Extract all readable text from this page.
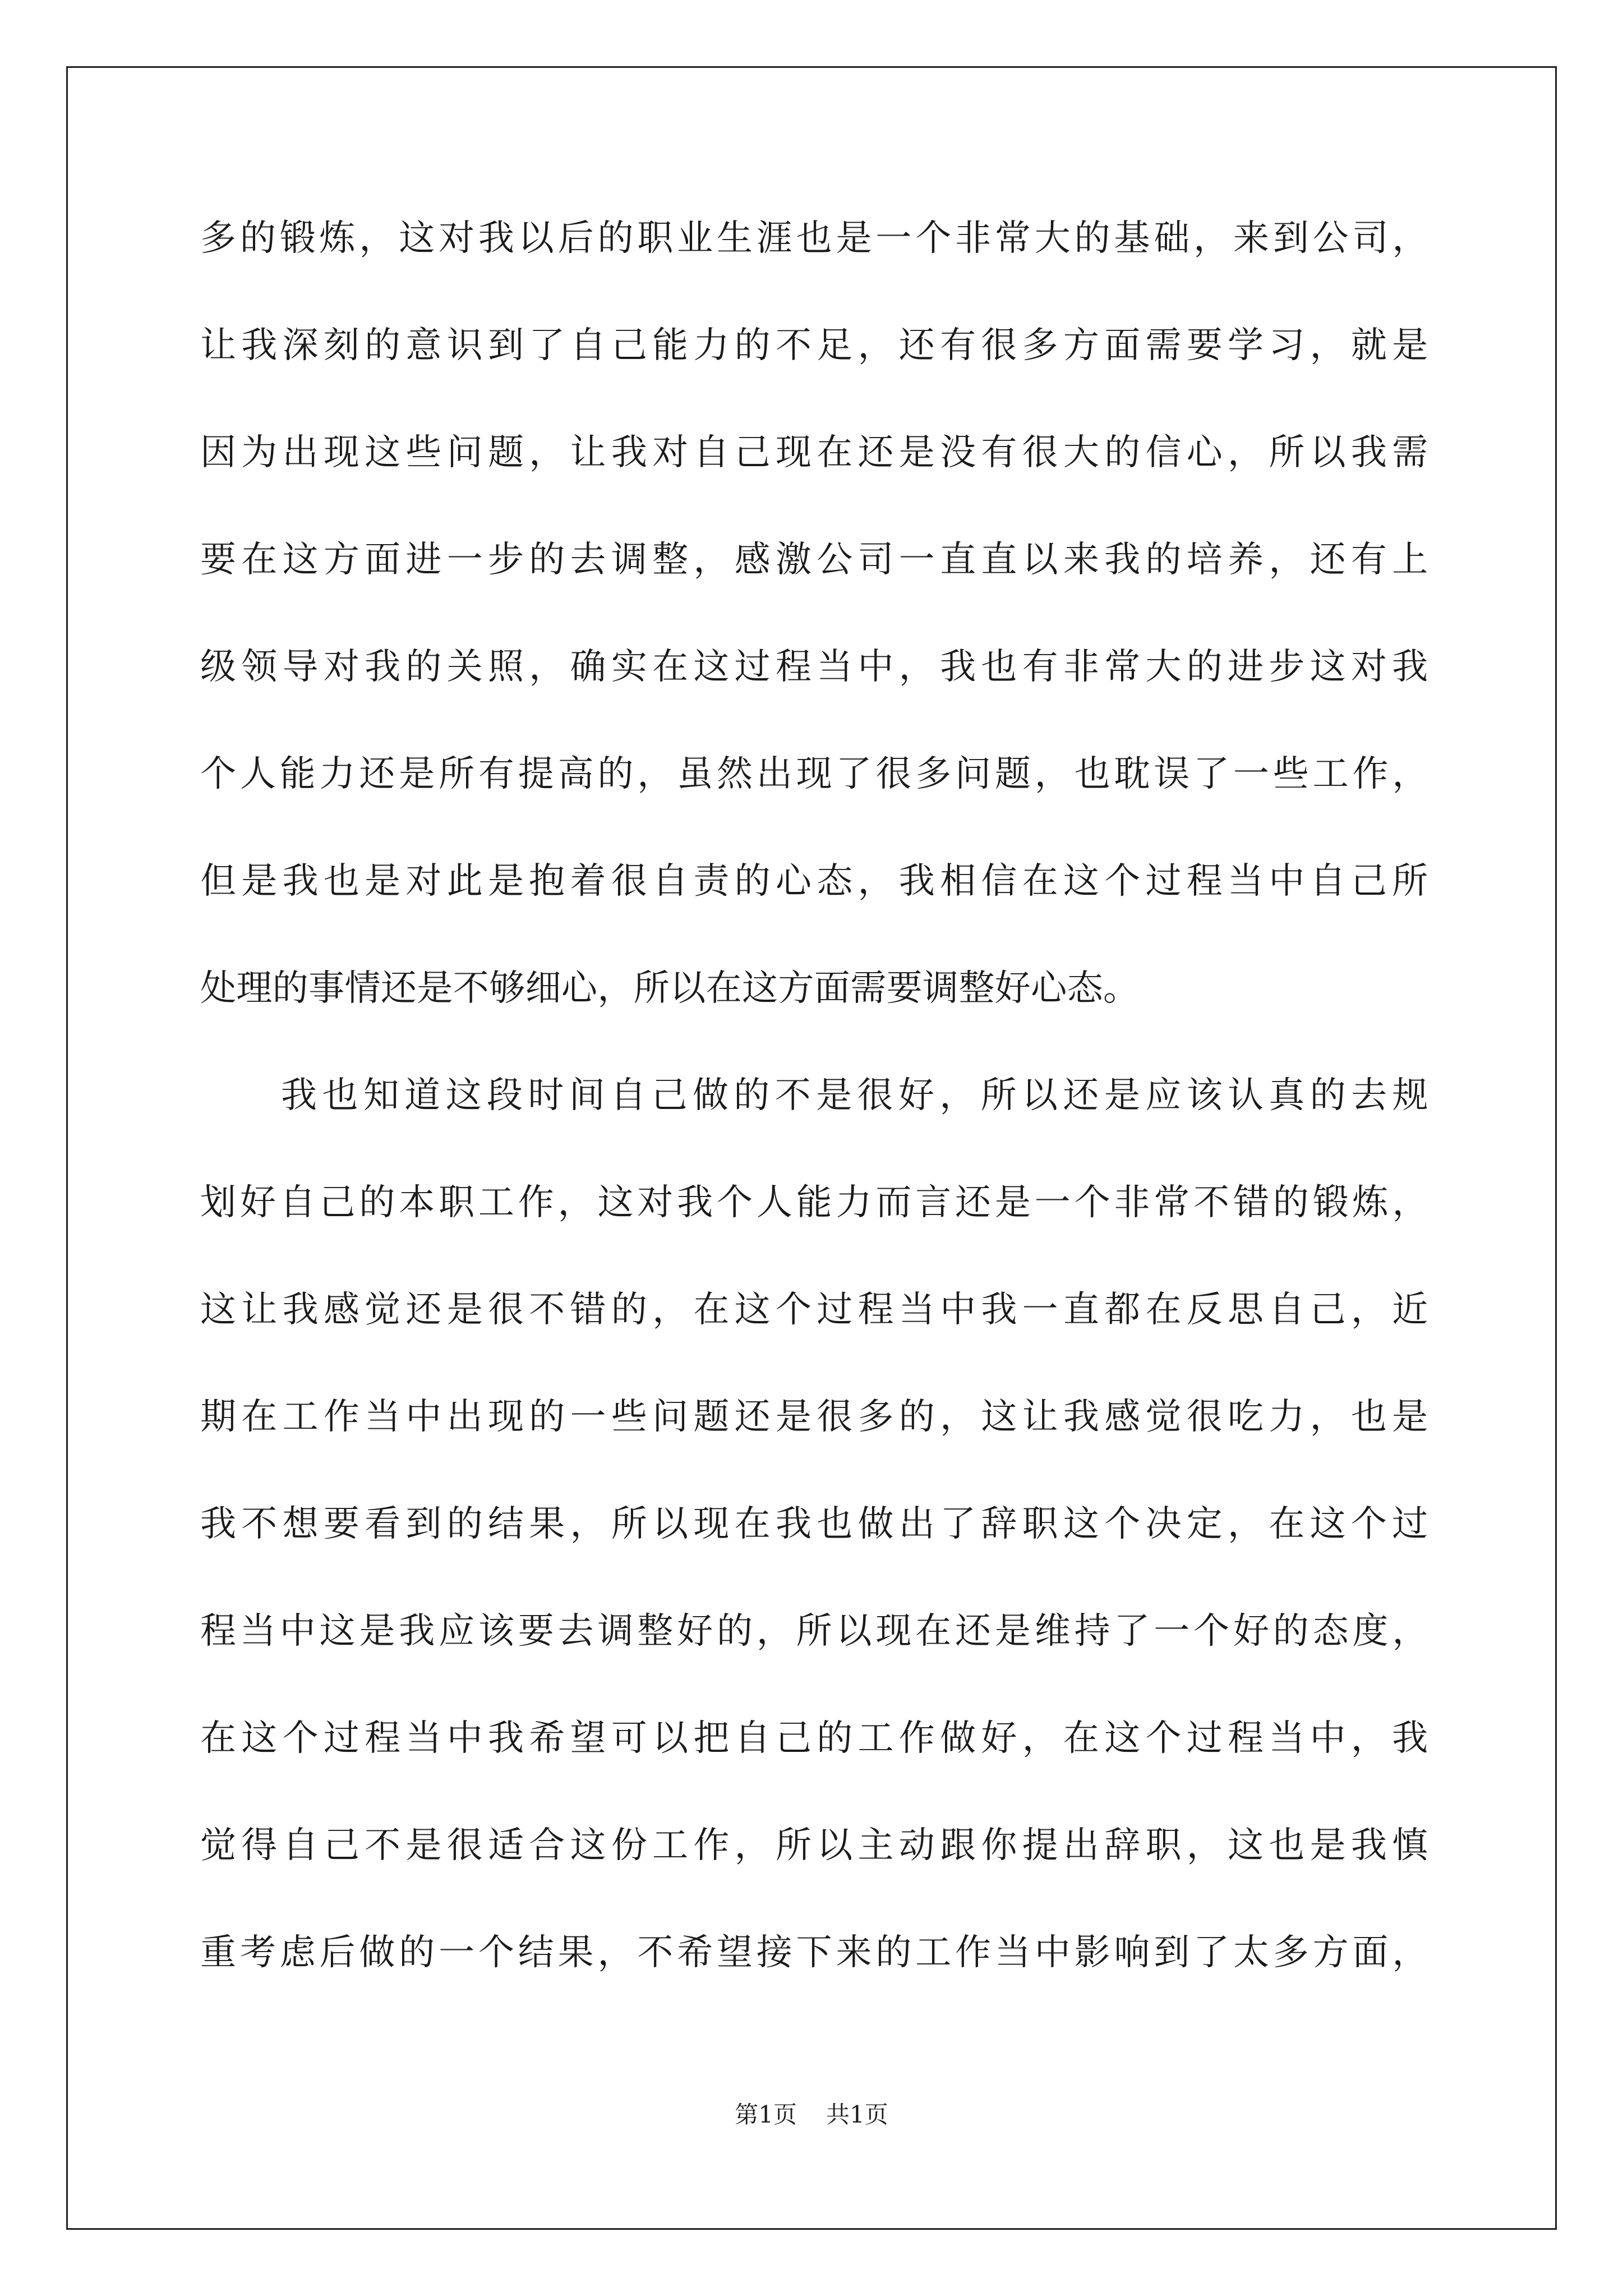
多 的 锻 炼 ， 这 对 我 以 后 的 职 业 生 涯 也 是 一 个 非 常 大 的 基 础 ， 来 到 公 司 ，
让 我 深 刻 的 意 识 到 了 自 己 能 力 的 不 足 ， 还 有 很 多 方 面 需 要 学 习 ， 就 是
因 为 出 现 这 些 问 题 ， 让 我 对 自 己 现 在 还 是 没 有 很 大 的 信 心 ， 所 以 我 需
要 在 这 方 面 进 一 步 的 去 调 整 ， 感 激 公 司 一 直 直 以 来 我 的 培 养 ， 还 有 上
级 领 导 对 我 的 关 照 ， 确 实 在 这 过 程 当 中 ， 我 也 有 非 常 大 的 进 步 这 对 我
个 人 能 力 还 是 所 有 提 高 的 ， 虽 然 出 现 了 很 多 问 题 ， 也 耽 误 了 一 些 工 作 ，
但 是 我 也 是 对 此 是 抱 着 很 自 责 的 心 态 ， 我 相 信 在 这 个 过 程 当 中 自 己 所
处理的事情还是不够细心，所以在这方面需要调整好心态。
我 也 知 道 这 段 时 间 自 己 做 的 不 是 很 好 ， 所 以 还 是 应 该 认 真 的 去 规
划 好 自 己 的 本 职 工 作 ， 这 对 我 个 人 能 力 而 言 还 是 一 个 非 常 不 错 的 锻 炼 ，
这 让 我 感 觉 还 是 很 不 错 的 ， 在 这 个 过 程 当 中 我 一 直 都 在 反 思 自 己 ， 近
期 在 工 作 当 中 出 现 的 一 些 问 题 还 是 很 多 的 ， 这 让 我 感 觉 很 吃 力 ， 也 是
我 不 想 要 看 到 的 结 果 ， 所 以 现 在 我 也 做 出 了 辞 职 这 个 决 定 ， 在 这 个 过
程 当 中 这 是 我 应 该 要 去 调 整 好 的 ， 所 以 现 在 还 是 维 持 了 一 个 好 的 态 度 ，
在 这 个 过 程 当 中 我 希 望 可 以 把 自 己 的 工 作 做 好 ， 在 这 个 过 程 当 中 ， 我
觉 得 自 己 不 是 很 适 合 这 份 工 作 ， 所 以 主 动 跟 你 提 出 辞 职 ， 这 也 是 我 慎
重 考 虑 后 做 的 一 个 结 果 ， 不 希 望 接 下 来 的 工 作 当 中 影 响 到 了 太 多 方 面 ，
第1页 共1页
